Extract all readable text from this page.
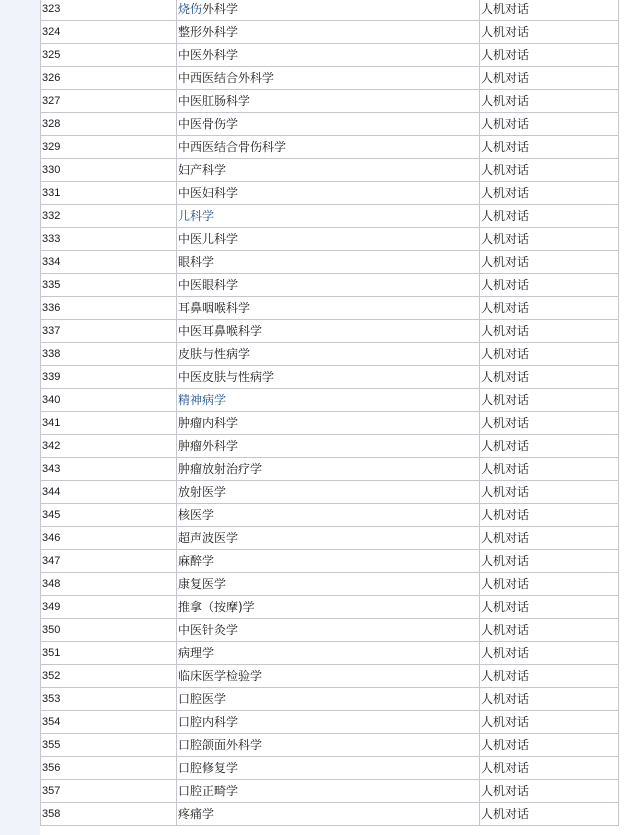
323	烧伤外科学	人机对话
324	整形外科学	人机对话
325	中医外科学	人机对话
326	中西医结合外科学	人机对话
327	中医肛肠科学	人机对话
328	中医骨伤学	人机对话
329	中西医结合骨伤科学	人机对话
330	妇产科学	人机对话
331	中医妇科学	人机对话
332	儿科学	人机对话
333	中医儿科学	人机对话
334	眼科学	人机对话
335	中医眼科学	人机对话
336	耳鼻咽喉科学	人机对话
337	中医耳鼻喉科学	人机对话
338	皮肤与性病学	人机对话
339	中医皮肤与性病学	人机对话
340	精神病学	人机对话
341	肿瘤内科学	人机对话
342	肿瘤外科学	人机对话
343	肿瘤放射治疗学	人机对话
344	放射医学	人机对话
345	核医学	人机对话
346	超声波医学	人机对话
347	麻醉学	人机对话
348	康复医学	人机对话
349	推拿（按摩)学	人机对话
350	中医针灸学	人机对话
351	病理学	人机对话
352	临床医学检验学	人机对话
353	口腔医学	人机对话
354	口腔内科学	人机对话
355	口腔颌面外科学	人机对话
356	口腔修复学	人机对话
357	口腔正畸学	人机对话
358	疼痛学	人机对话
